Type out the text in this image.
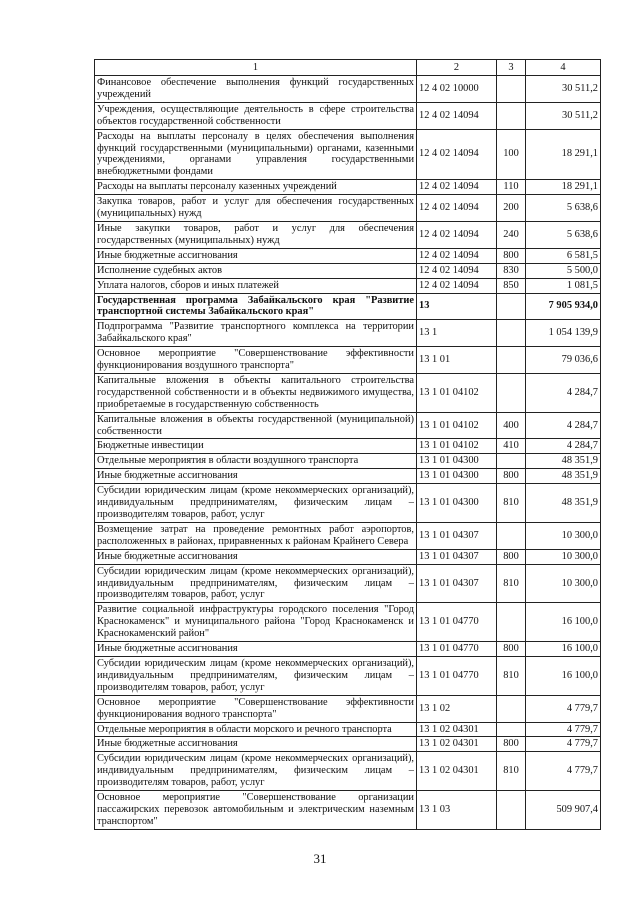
1	2	3	4
Финансовое обеспечение выполнения функций государственных учреждений	12 4 02 10000		30 511,2
Учреждения, осуществляющие деятельность в сфере строительства объектов государственной собственности	12 4 02 14094		30 511,2
Расходы на выплаты персоналу в целях обеспечения выполнения функций государственными (муниципальными) органами, казенными учреждениями, органами управления государственными внебюджетными фондами	12 4 02 14094	100	18 291,1
Расходы на выплаты персоналу казенных учреждений	12 4 02 14094	110	18 291,1
Закупка товаров, работ и услуг для обеспечения государственных (муниципальных) нужд	12 4 02 14094	200	5 638,6
Иные закупки товаров, работ и услуг для обеспечения государственных (муниципальных) нужд	12 4 02 14094	240	5 638,6
Иные бюджетные ассигнования	12 4 02 14094	800	6 581,5
Исполнение судебных актов	12 4 02 14094	830	5 500,0
Уплата налогов, сборов и иных платежей	12 4 02 14094	850	1 081,5
Государственная программа Забайкальского края "Развитие транспортной системы Забайкальского края"	13		7 905 934,0
Подпрограмма "Развитие транспортного комплекса на территории Забайкальского края"	13 1		1 054 139,9
Основное мероприятие "Совершенствование эффективности функционирования воздушного транспорта"	13 1 01		79 036,6
Капитальные вложения в объекты капитального строительства государственной собственности и в объекты недвижимого имущества, приобретаемые в государственную собственность	13 1 01 04102		4 284,7
Капитальные вложения в объекты государственной (муниципальной) собственности	13 1 01 04102	400	4 284,7
Бюджетные инвестиции	13 1 01 04102	410	4 284,7
Отдельные мероприятия в области воздушного транспорта	13 1 01 04300		48 351,9
Иные бюджетные ассигнования	13 1 01 04300	800	48 351,9
Субсидии юридическим лицам (кроме некоммерческих организаций), индивидуальным предпринимателям, физическим лицам – производителям товаров, работ, услуг	13 1 01 04300	810	48 351,9
Возмещение затрат на проведение ремонтных работ аэропортов, расположенных в районах, приравненных к районам Крайнего Севера	13 1 01 04307		10 300,0
Иные бюджетные ассигнования	13 1 01 04307	800	10 300,0
Субсидии юридическим лицам (кроме некоммерческих организаций), индивидуальным предпринимателям, физическим лицам – производителям товаров, работ, услуг	13 1 01 04307	810	10 300,0
Развитие социальной инфраструктуры городского поселения "Город Краснокаменск" и муниципального района "Город Краснокаменск и Краснокаменский район"	13 1 01 04770		16 100,0
Иные бюджетные ассигнования	13 1 01 04770	800	16 100,0
Субсидии юридическим лицам (кроме некоммерческих организаций), индивидуальным предпринимателям, физическим лицам – производителям товаров, работ, услуг	13 1 01 04770	810	16 100,0
Основное мероприятие "Совершенствование эффективности функционирования водного транспорта"	13 1 02		4 779,7
Отдельные мероприятия в области морского и речного транспорта	13 1 02 04301		4 779,7
Иные бюджетные ассигнования	13 1 02 04301	800	4 779,7
Субсидии юридическим лицам (кроме некоммерческих организаций), индивидуальным предпринимателям, физическим лицам – производителям товаров, работ, услуг	13 1 02 04301	810	4 779,7
Основное мероприятие "Совершенствование организации пассажирских перевозок автомобильным и электрическим наземным транспортом"	13 1 03		509 907,4
31
